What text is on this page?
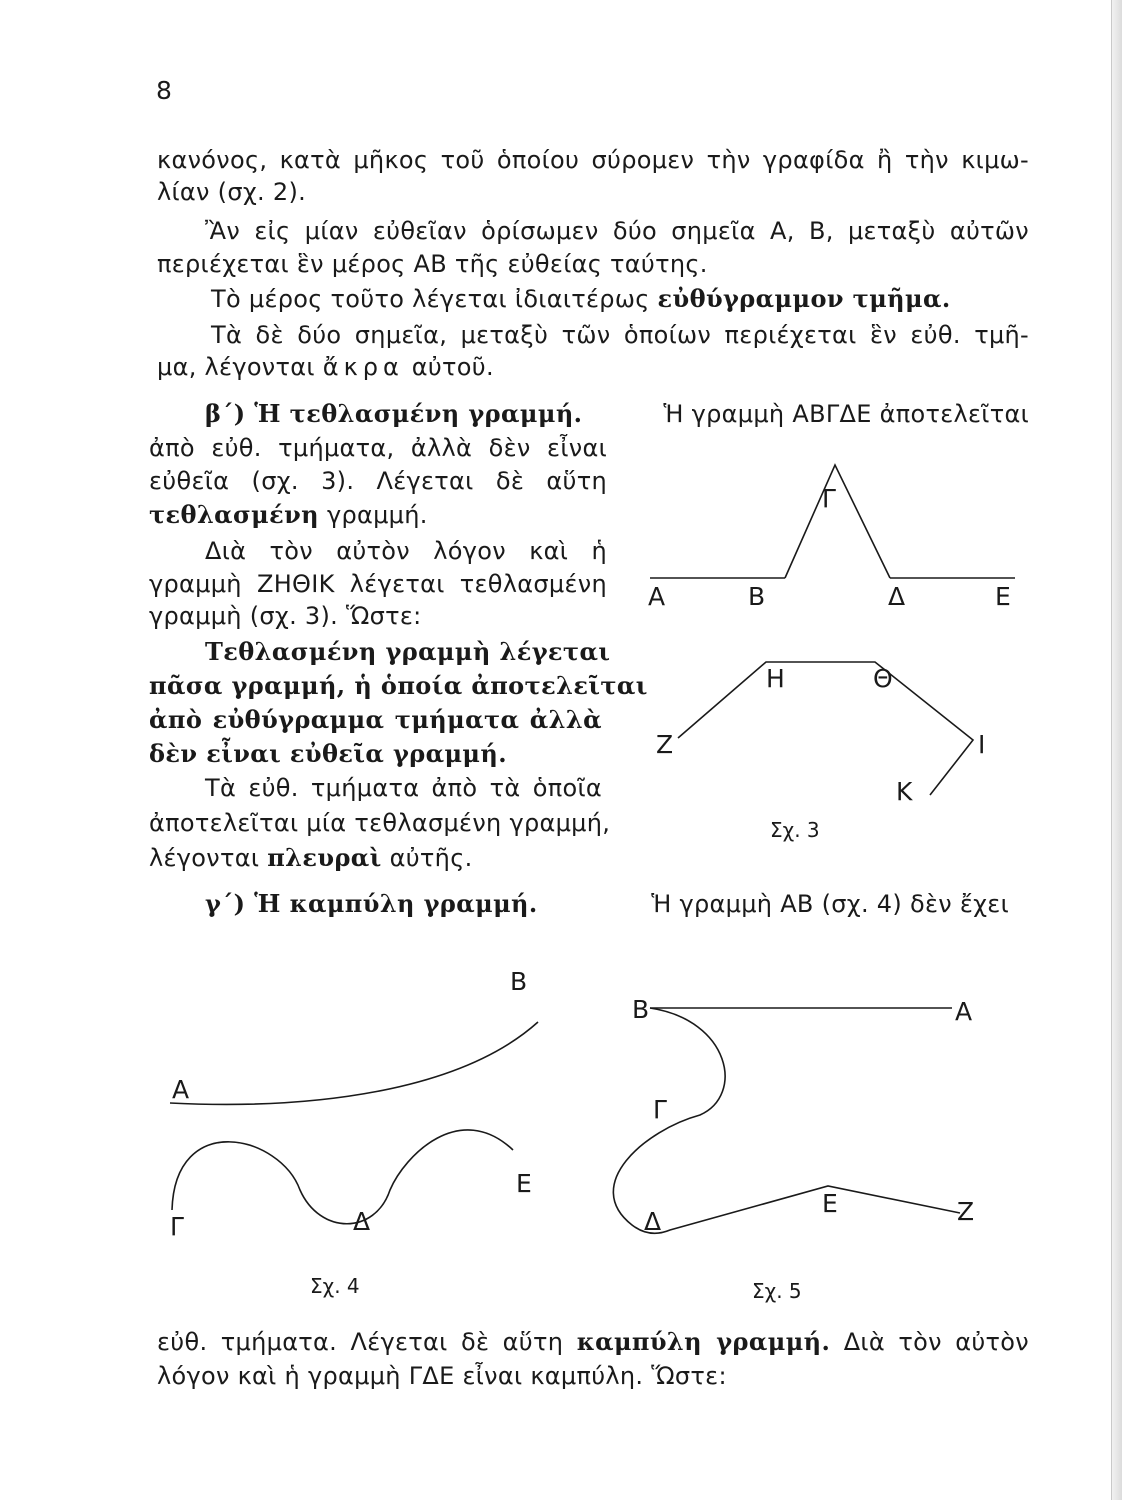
8
κανόνος, κατὰ μῆκος τοῦ ὁποίου σύρομεν τὴν γραφίδα ἢ τὴν κιμω-
λίαν (σχ. 2).
Ἂν εἰς μίαν εὐθεῖαν ὁρίσωμεν δύο σημεῖα Α, Β, μεταξὺ αὐτῶν
περιέχεται ἓν μέρος ΑΒ τῆς εὐθείας ταύτης.
Τὸ μέρος τοῦτο λέγεται ἰδιαιτέρως εὐθύγραμμον τμῆμα.
Τὰ δὲ δύο σημεῖα, μεταξὺ τῶν ὁποίων περιέχεται ἓν εὐθ. τμῆ-
μα, λέγονται ἄκρα αὐτοῦ.
β΄) Ἡ τεθλασμένη γραμμή.	Ἡ γραμμὴ ΑΒΓΔΕ ἀποτελεῖται
ἀπὸ εὐθ. τμήματα, ἀλλὰ δὲν εἶναι
εὐθεῖα (σχ. 3). Λέγεται δὲ αὕτη
τεθλασμένη γραμμή.
Διὰ τὸν αὐτὸν λόγον καὶ ἡ
γραμμὴ ΖΗΘΙΚ λέγεται τεθλασμένη
γραμμὴ (σχ. 3). Ὥστε:
Τεθλασμένη γραμμὴ λέγεται
πᾶσα γραμμή, ἡ ὁποία ἀποτελεῖται
ἀπὸ εὐθύγραμμα τμήματα ἀλλὰ
δὲν εἶναι εὐθεῖα γραμμή.
Τὰ εὐθ. τμήματα ἀπὸ τὰ ὁποῖα
ἀποτελεῖται μία τεθλασμένη γραμμή,
λέγονται πλευραὶ αὐτῆς.
γ΄) Ἡ καμπύλη γραμμή.	Ἡ γραμμὴ ΑΒ (σχ. 4) δὲν ἔχει
εὐθ. τμήματα. Λέγεται δὲ αὕτη καμπύλη γραμμή. Διὰ τὸν αὐτὸν
λόγον καὶ ἡ γραμμὴ ΓΔΕ εἶναι καμπύλη. Ὥστε:
Α	Β
Γ
Δ	Ε
Ζ
Η	Θ
Ι
Κ
Σχ. 3
Α
Β
Γ	Δ
Ε
Σχ. 4
Β	Α
Γ
Δ
Ε	Ζ
Σχ. 5
